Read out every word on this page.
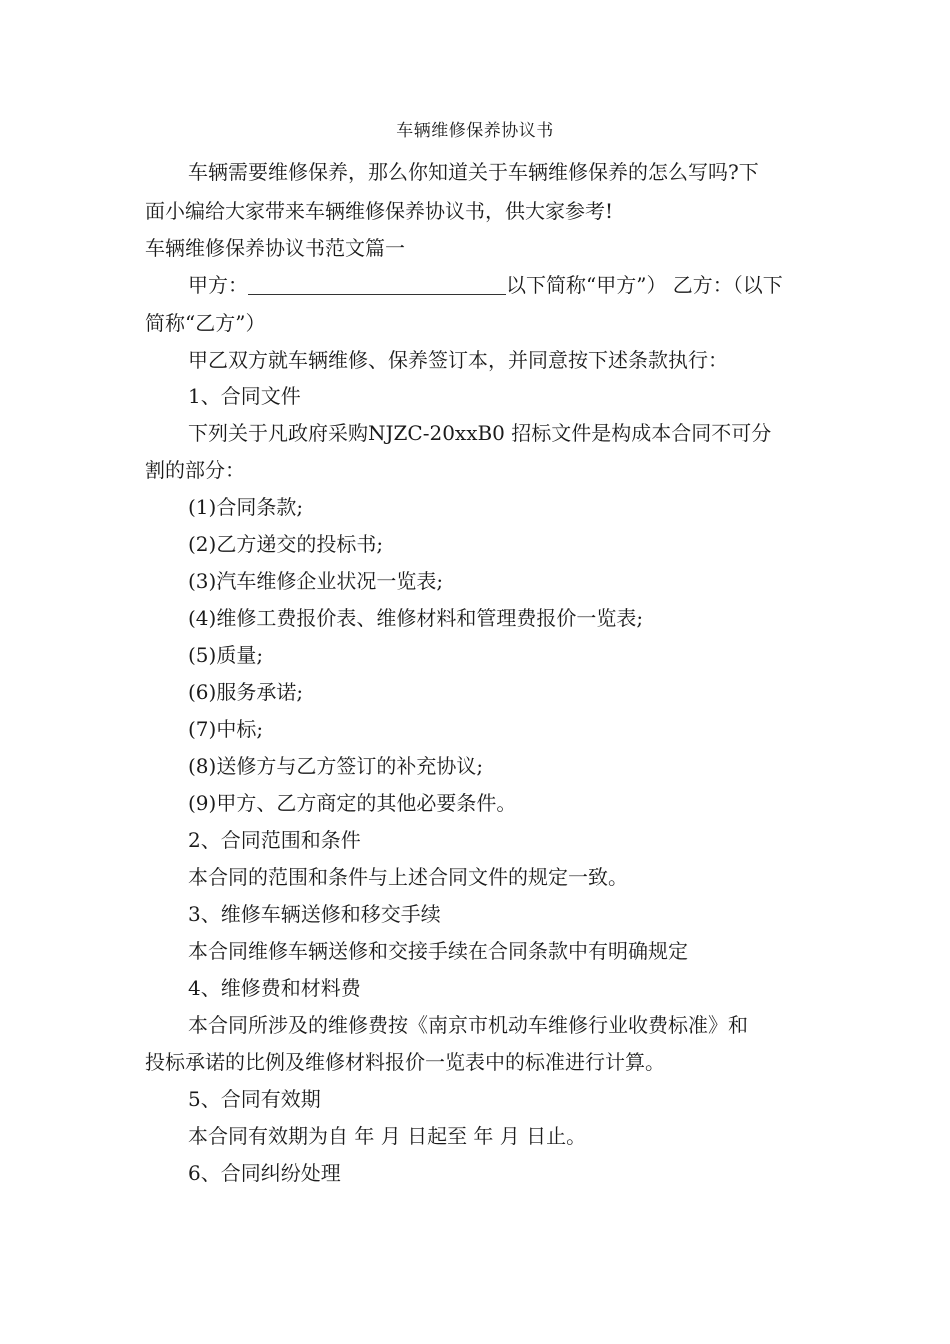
车辆维修保养协议书
车辆需要维修保养，那么你知道关于车辆维修保养的怎么写吗?下
面小编给大家带来车辆维修保养协议书，供大家参考!
车辆维修保养协议书范文篇一
甲方：	以下简称“甲方”） 乙方：（以下
简称“乙方”）
甲乙双方就车辆维修、保养签订本，并同意按下述条款执行：
1、合同文件
下列关于凡政府采购NJZC-20xxB0 招标文件是构成本合同不可分
割的部分：
(1)合同条款;
(2)乙方递交的投标书;
(3)汽车维修企业状况一览表;
(4)维修工费报价表、维修材料和管理费报价一览表;
(5)质量;
(6)服务承诺;
(7)中标;
(8)送修方与乙方签订的补充协议;
(9)甲方、乙方商定的其他必要条件。
2、合同范围和条件
本合同的范围和条件与上述合同文件的规定一致。
3、维修车辆送修和移交手续
本合同维修车辆送修和交接手续在合同条款中有明确规定
4、维修费和材料费
本合同所涉及的维修费按《南京市机动车维修行业收费标准》和
投标承诺的比例及维修材料报价一览表中的标准进行计算。
5、合同有效期
本合同有效期为自 年 月 日起至 年 月 日止。
6、合同纠纷处理
